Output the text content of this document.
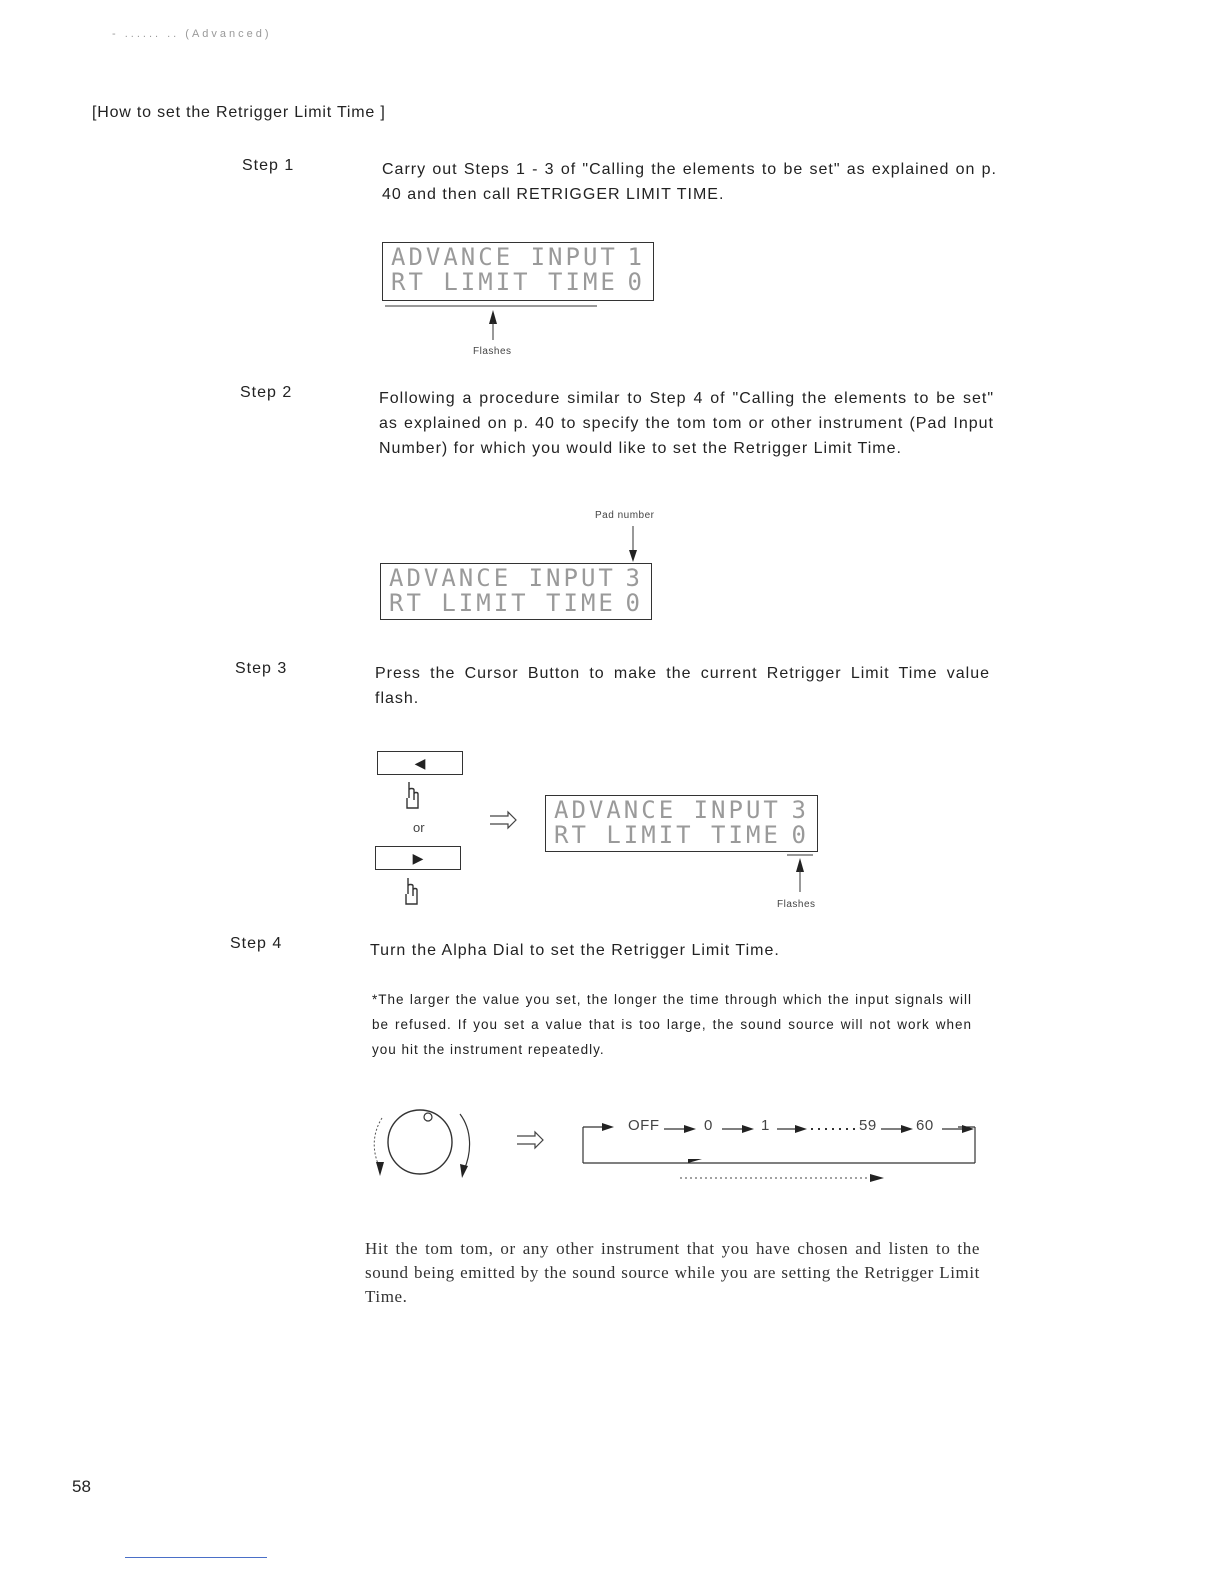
- ...... .. (Advanced)
[How to set the Retrigger Limit Time ]
Step 1	Carry out Steps 1 - 3 of "Calling the elements to be set" as explained on p. 40 and then call RETRIGGER LIMIT TIME.
ADVANCE INPUT 1
RT LIMIT TIME 0
Flashes
Step 2	Following a procedure similar to Step 4 of "Calling the elements to be set" as explained on p. 40 to specify the tom tom or other instrument (Pad Input Number) for which you would like to set the Retrigger Limit Time.
Pad number
ADVANCE INPUT 3
RT LIMIT TIME 0
Step 3	Press the Cursor Button to make the current Retrigger Limit Time value flash.
◀
or
▶
ADVANCE INPUT 3
RT LIMIT TIME 0
Flashes
Step 4	Turn the Alpha Dial to set the Retrigger Limit Time.
*The larger the value you set, the longer the time through which the input signals will be refused. If you set a value that is too large, the sound source will not work when you hit the instrument repeatedly.
OFF	0	1	59	60
Hit the tom tom, or any other instrument that you have chosen and listen to the sound being emitted by the sound source while you are setting the Retrigger Limit Time.
58
